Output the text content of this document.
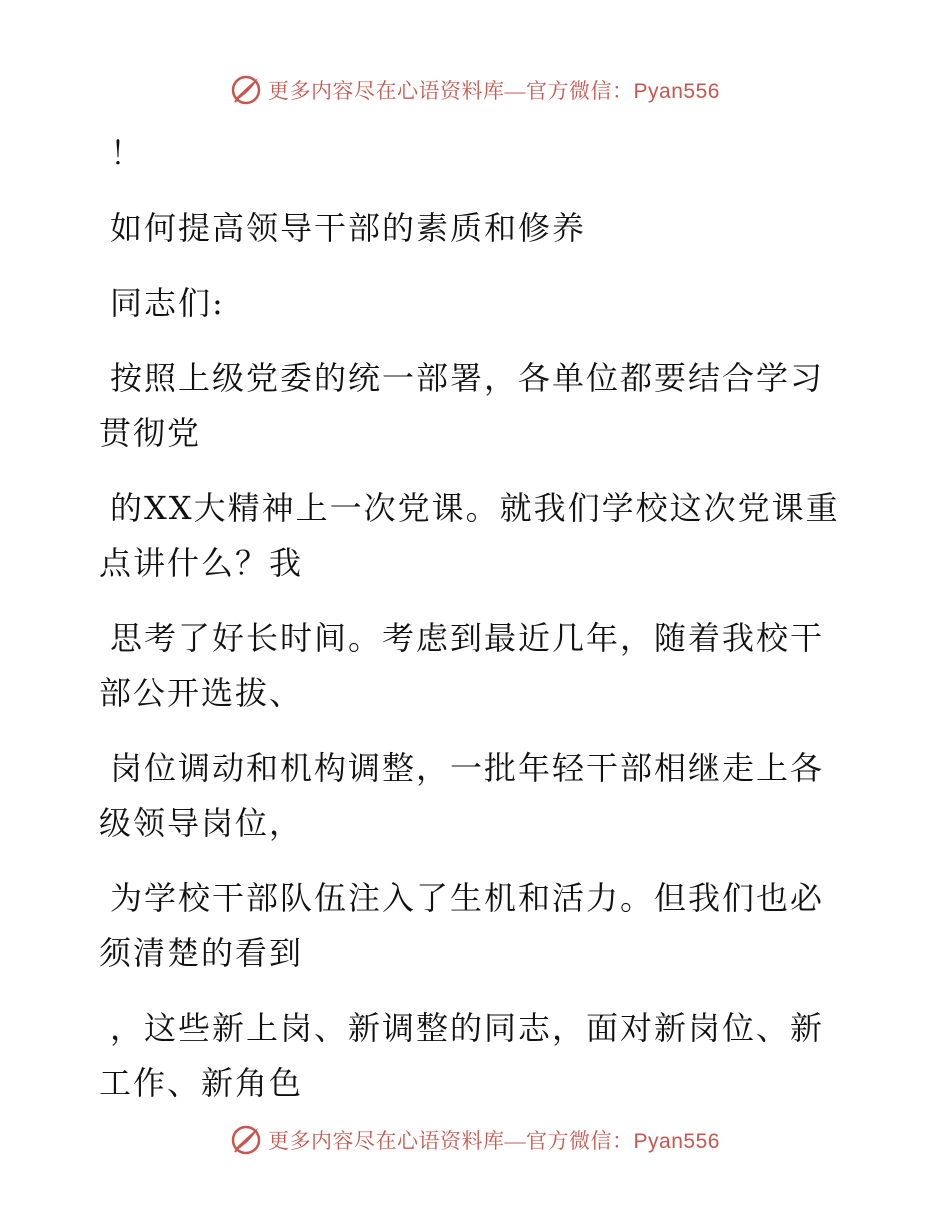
更多内容尽在心语资料库—官方微信：Pyan556

！

如何提高领导干部的素质和修养

同志们:

按照上级党委的统一部署，各单位都要结合学习
贯彻党

的XX大精神上一次党课。就我们学校这次党课重
点讲什么？我

思考了好长时间。考虑到最近几年，随着我校干
部公开选拔、

岗位调动和机构调整，一批年轻干部相继走上各
级领导岗位，

为学校干部队伍注入了生机和活力。但我们也必
须清楚的看到

，这些新上岗、新调整的同志，面对新岗位、新
工作、新角色

更多内容尽在心语资料库—官方微信：Pyan556
